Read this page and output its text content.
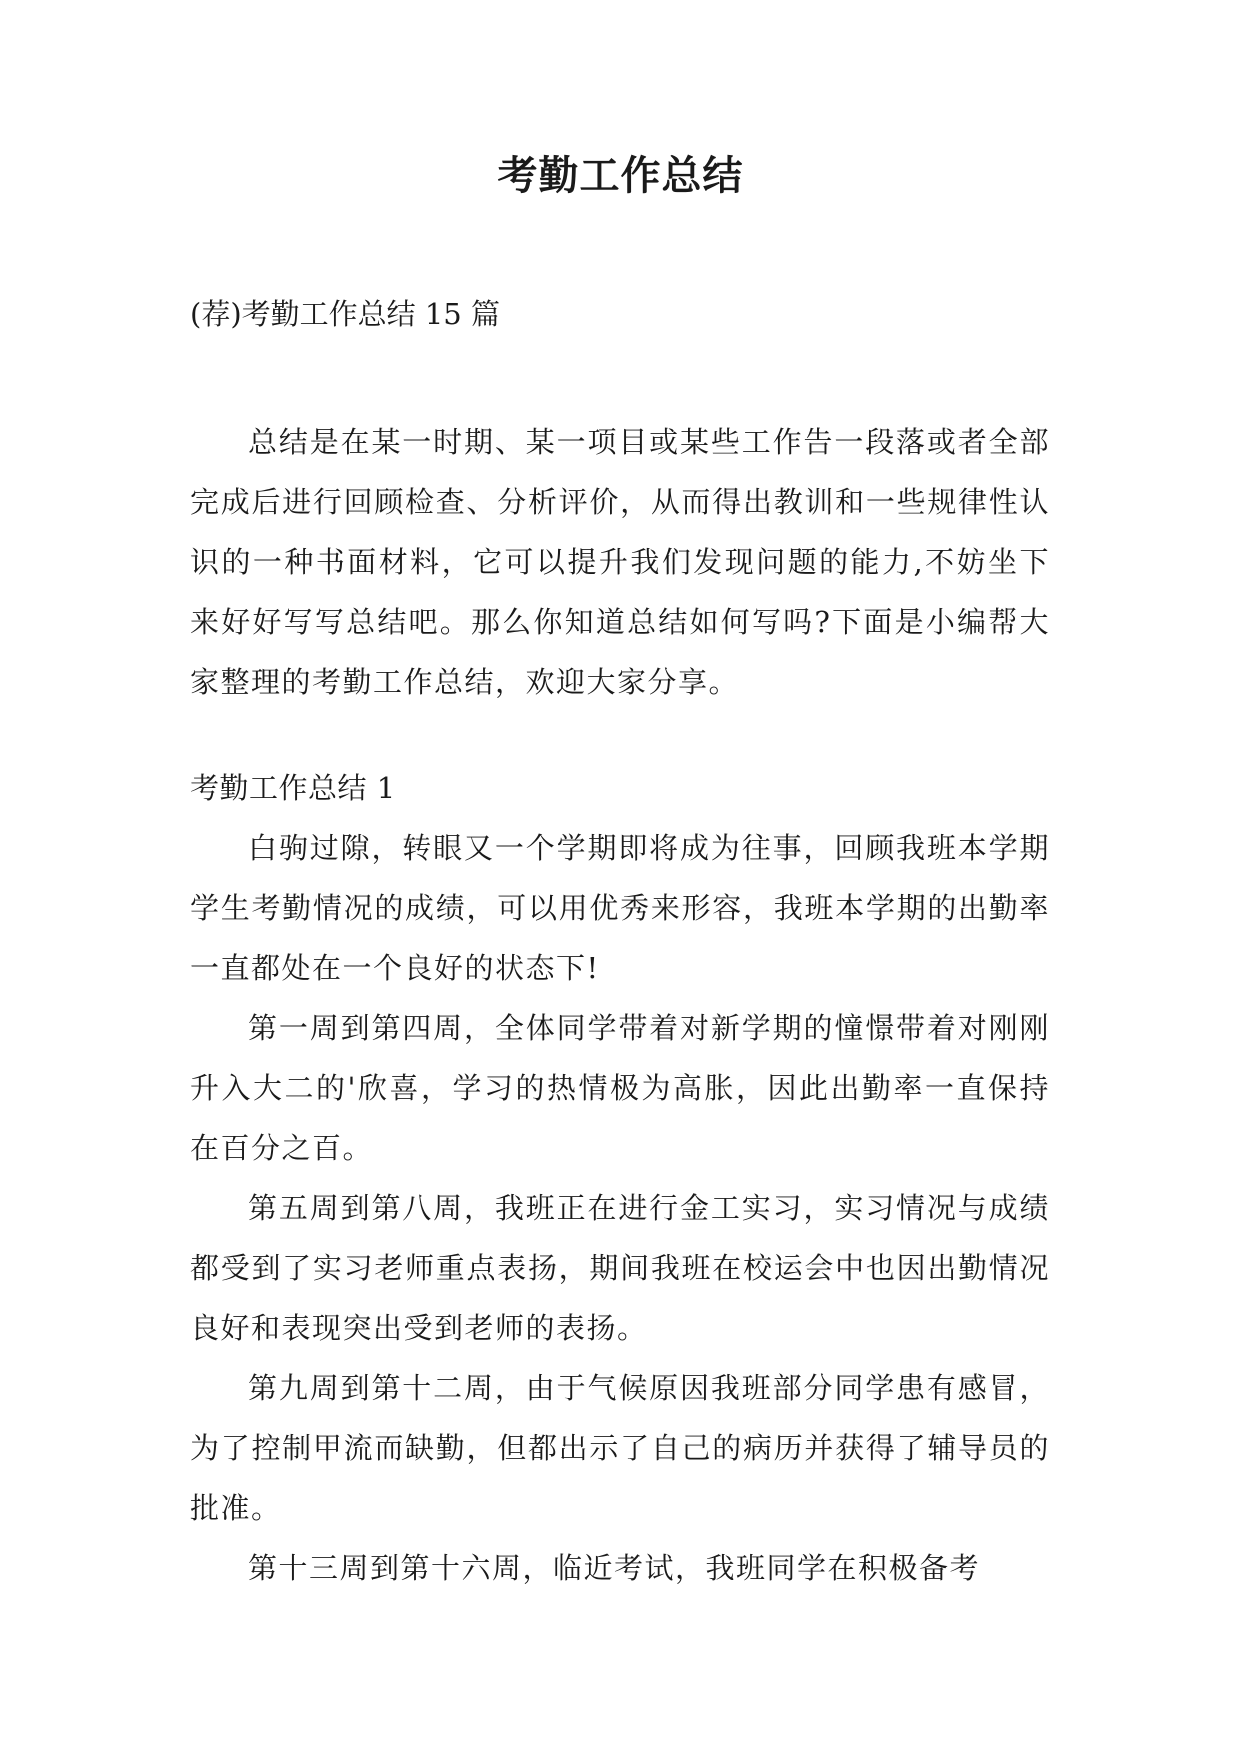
考勤工作总结
(荐)考勤工作总结 15 篇

总结是在某一时期、某一项目或某些工作告一段落或者全部完成后进行回顾检查、分析评价，从而得出教训和一些规律性认识的一种书面材料，它可以提升我们发现问题的能力,不妨坐下来好好写写总结吧。那么你知道总结如何写吗?下面是小编帮大家整理的考勤工作总结，欢迎大家分享。

考勤工作总结 1

白驹过隙，转眼又一个学期即将成为往事，回顾我班本学期学生考勤情况的成绩，可以用优秀来形容，我班本学期的出勤率一直都处在一个良好的状态下!

第一周到第四周，全体同学带着对新学期的憧憬带着对刚刚升入大二的'欣喜，学习的热情极为高胀，因此出勤率一直保持在百分之百。

第五周到第八周，我班正在进行金工实习，实习情况与成绩都受到了实习老师重点表扬，期间我班在校运会中也因出勤情况良好和表现突出受到老师的表扬。

第九周到第十二周，由于气候原因我班部分同学患有感冒，为了控制甲流而缺勤，但都出示了自己的病历并获得了辅导员的批准。

第十三周到第十六周，临近考试，我班同学在积极备考
